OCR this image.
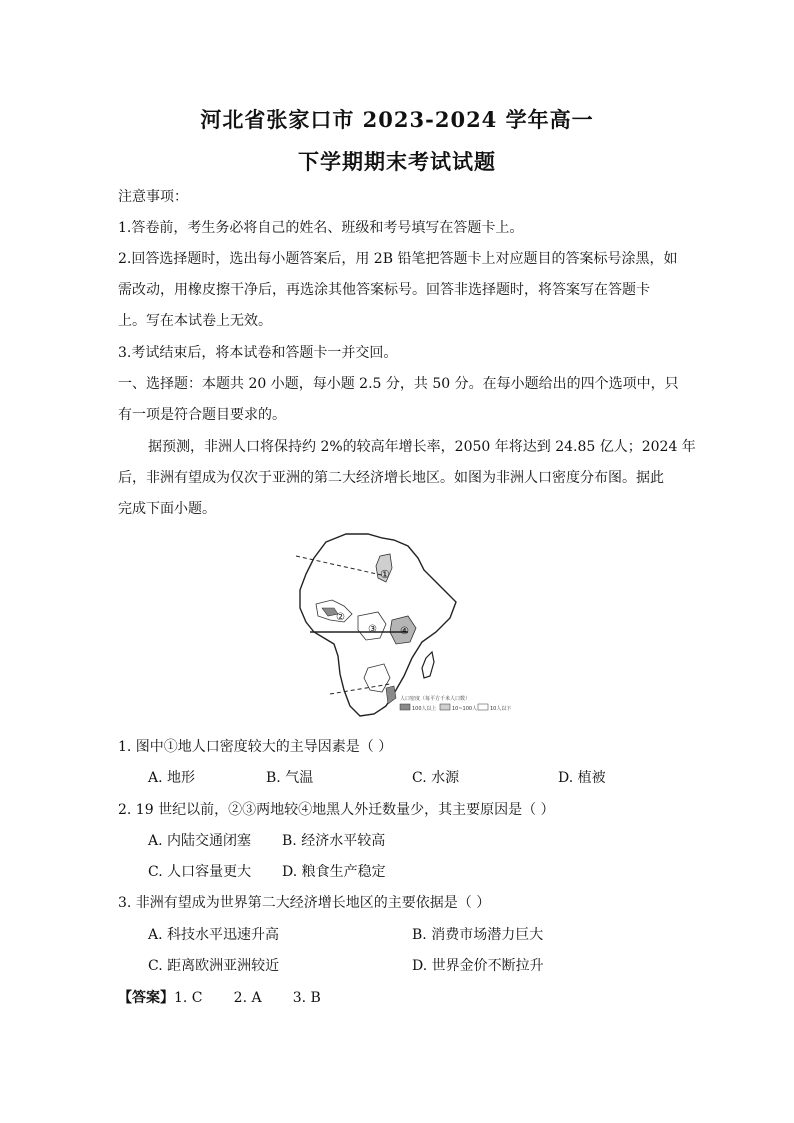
河北省张家口市 2023-2024 学年高一
下学期期末考试试题
注意事项：
1.答卷前，考生务必将自己的姓名、班级和考号填写在答题卡上。
2.回答选择题时，选出每小题答案后，用 2B 铅笔把答题卡上对应题目的答案标号涂黑，如
需改动，用橡皮擦干净后，再选涂其他答案标号。回答非选择题时，将答案写在答题卡
上。写在本试卷上无效。
3.考试结束后，将本试卷和答题卡一并交回。
一、选择题：本题共 20 小题，每小题 2.5 分，共 50 分。在每小题给出的四个选项中，只
有一项是符合题目要求的。
据预测，非洲人口将保持约 2%的较高年增长率，2050 年将达到 24.85 亿人；2024 年
后，非洲有望成为仅次于亚洲的第二大经济增长地区。如图为非洲人口密度分布图。据此
完成下面小题。
①
②
③ ④
人口密度（每平方千米人口数）
100人以上	10~100人	10人以下
1. 图中①地人口密度较大的主导因素是（ ）
A. 地形	B. 气温	C. 水源	D. 植被
2. 19 世纪以前，②③两地较④地黑人外迁数量少，其主要原因是（ ）
A. 内陆交通闭塞 B. 经济水平较高
C. 人口容量更大 D. 粮食生产稳定
3. 非洲有望成为世界第二大经济增长地区的主要依据是（ ）
A. 科技水平迅速升高	B. 消费市场潜力巨大
C. 距离欧洲亚洲较近	D. 世界金价不断拉升
【答案】1. C       2. A       3. B
